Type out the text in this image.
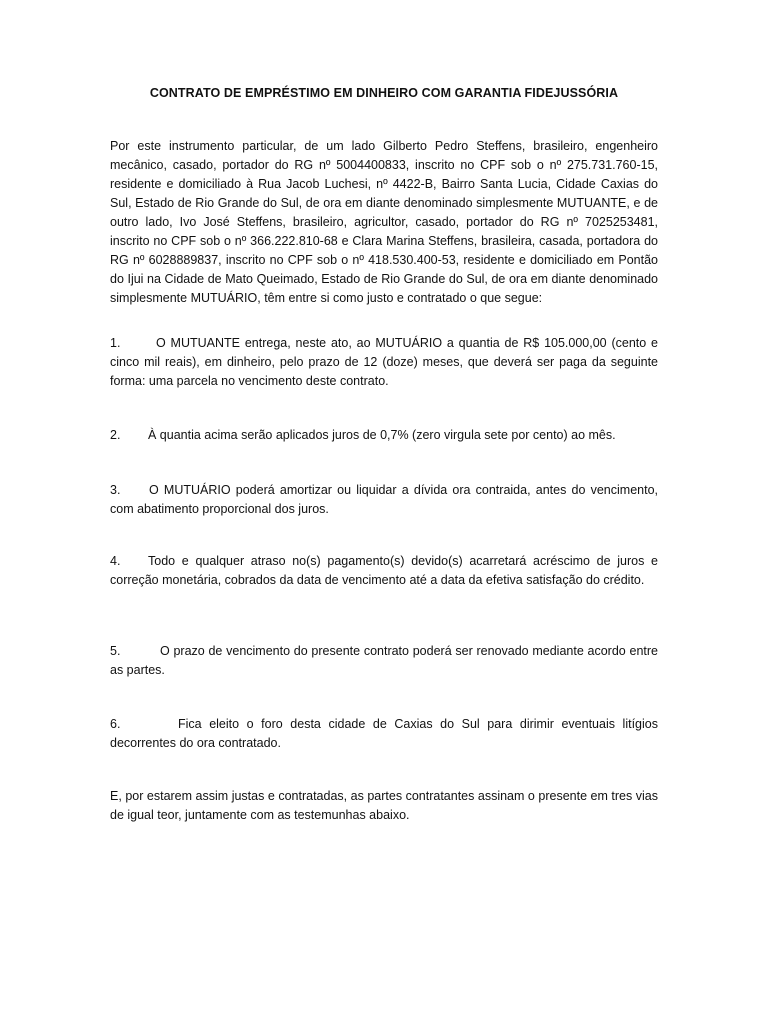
CONTRATO DE EMPRÉSTIMO EM DINHEIRO COM GARANTIA FIDEJUSSÓRIA

Por este instrumento particular, de um lado Gilberto Pedro Steffens, brasileiro, engenheiro mecânico, casado, portador do RG nº 5004400833, inscrito no CPF sob o nº 275.731.760-15, residente e domiciliado à Rua Jacob Luchesi, nº 4422-B, Bairro Santa Lucia, Cidade Caxias do Sul, Estado de Rio Grande do Sul, de ora em diante denominado simplesmente MUTUANTE, e de outro lado, Ivo José Steffens, brasileiro, agricultor, casado, portador do RG nº 7025253481, inscrito no CPF sob o nº 366.222.810-68 e Clara Marina Steffens, brasileira, casada, portadora do RG nº 6028889837, inscrito no CPF sob o nº 418.530.400-53, residente e domiciliado em Pontão do Ijui na Cidade de Mato Queimado, Estado de Rio Grande do Sul, de ora em diante denominado simplesmente MUTUÁRIO, têm entre si como justo e contratado o que segue:

1.	O MUTUANTE entrega, neste ato, ao MUTUÁRIO a quantia de R$ 105.000,00 (cento e cinco mil reais), em dinheiro, pelo prazo de 12 (doze) meses, que deverá ser paga da seguinte forma: uma parcela no vencimento deste contrato.

2. À quantia acima serão aplicados juros de 0,7% (zero virgula sete por cento) ao mês.

3. O MUTUÁRIO poderá amortizar ou liquidar a dívida ora contraida, antes do vencimento, com abatimento proporcional dos juros.

4. Todo e qualquer atraso no(s) pagamento(s) devido(s) acarretará acréscimo de juros e correção monetária, cobrados da data de vencimento até a data da efetiva satisfação do crédito.

5.	O prazo de vencimento do presente contrato poderá ser renovado mediante acordo entre as partes.

6.	Fica eleito o foro desta cidade de Caxias do Sul para dirimir eventuais litígios decorrentes do ora contratado.

E, por estarem assim justas e contratadas, as partes contratantes assinam o presente em tres vias de igual teor, juntamente com as testemunhas abaixo.
